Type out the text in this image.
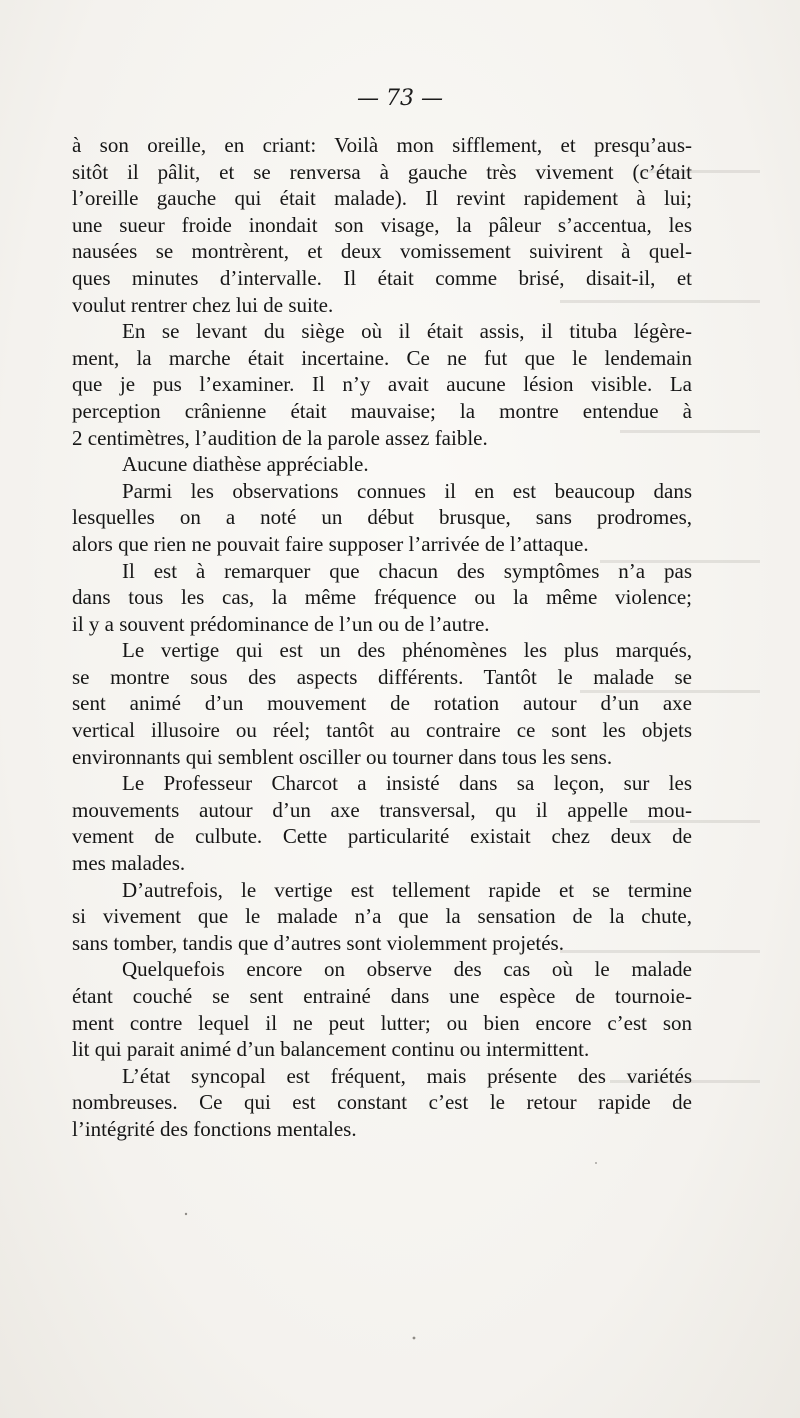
— 73 —
à son oreille, en criant: Voilà mon sifflement, et presqu’aus-
sitôt il pâlit, et se renversa à gauche très vivement (c’était
l’oreille gauche qui était malade). Il revint rapidement à lui;
une sueur froide inondait son visage, la pâleur s’accentua, les
nausées se montrèrent, et deux vomissement suivirent à quel-
ques minutes d’intervalle. Il était comme brisé, disait-il, et
voulut rentrer chez lui de suite.
En se levant du siège où il était assis, il tituba légère-
ment, la marche était incertaine. Ce ne fut que le lendemain
que je pus l’examiner. Il n’y avait aucune lésion visible. La
perception crânienne était mauvaise; la montre entendue à
2 centimètres, l’audition de la parole assez faible.
Aucune diathèse appréciable.
Parmi les observations connues il en est beaucoup dans
lesquelles on a noté un début brusque, sans prodromes,
alors que rien ne pouvait faire supposer l’arrivée de l’attaque.
Il est à remarquer que chacun des symptômes n’a pas
dans tous les cas, la même fréquence ou la même violence;
il y a souvent prédominance de l’un ou de l’autre.
Le vertige qui est un des phénomènes les plus marqués,
se montre sous des aspects différents. Tantôt le malade se
sent animé d’un mouvement de rotation autour d’un axe
vertical illusoire ou réel; tantôt au contraire ce sont les objets
environnants qui semblent osciller ou tourner dans tous les sens.
Le Professeur Charcot a insisté dans sa leçon, sur les
mouvements autour d’un axe transversal, qu il appelle mou-
vement de culbute. Cette particularité existait chez deux de
mes malades.
D’autrefois, le vertige est tellement rapide et se termine
si vivement que le malade n’a que la sensation de la chute,
sans tomber, tandis que d’autres sont violemment projetés.
Quelquefois encore on observe des cas où le malade
étant couché se sent entrainé dans une espèce de tournoie-
ment contre lequel il ne peut lutter; ou bien encore c’est son
lit qui parait animé d’un balancement continu ou intermittent.
L’état syncopal est fréquent, mais présente des variétés
nombreuses. Ce qui est constant c’est le retour rapide de
l’intégrité des fonctions mentales.
